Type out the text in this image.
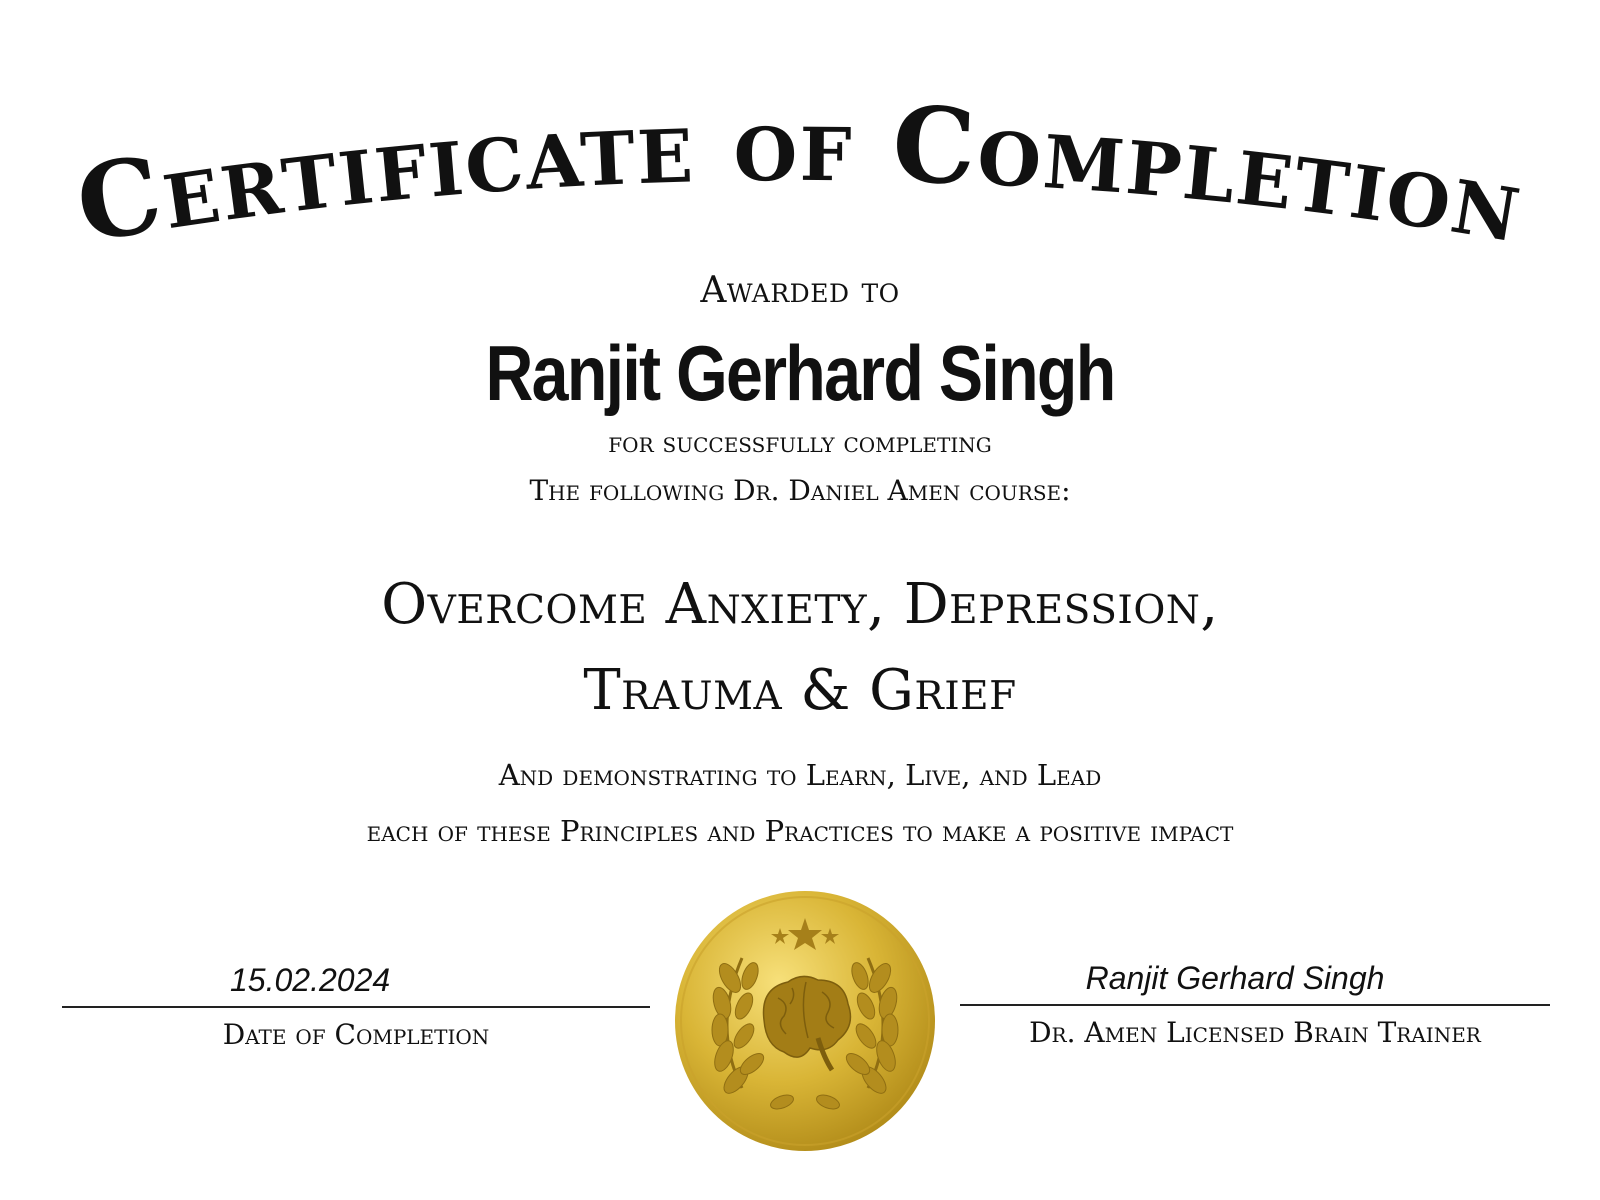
Certificate of Completion
Awarded to
Ranjit Gerhard Singh
for successfully completing
The following Dr. Daniel Amen course:
Overcome Anxiety, Depression,
Trauma & Grief
And demonstrating to Learn, Live, and Lead
each of these Principles and Practices to make a positive impact
15.02.2024
Date of Completion
Ranjit Gerhard Singh
Dr. Amen Licensed Brain Trainer
